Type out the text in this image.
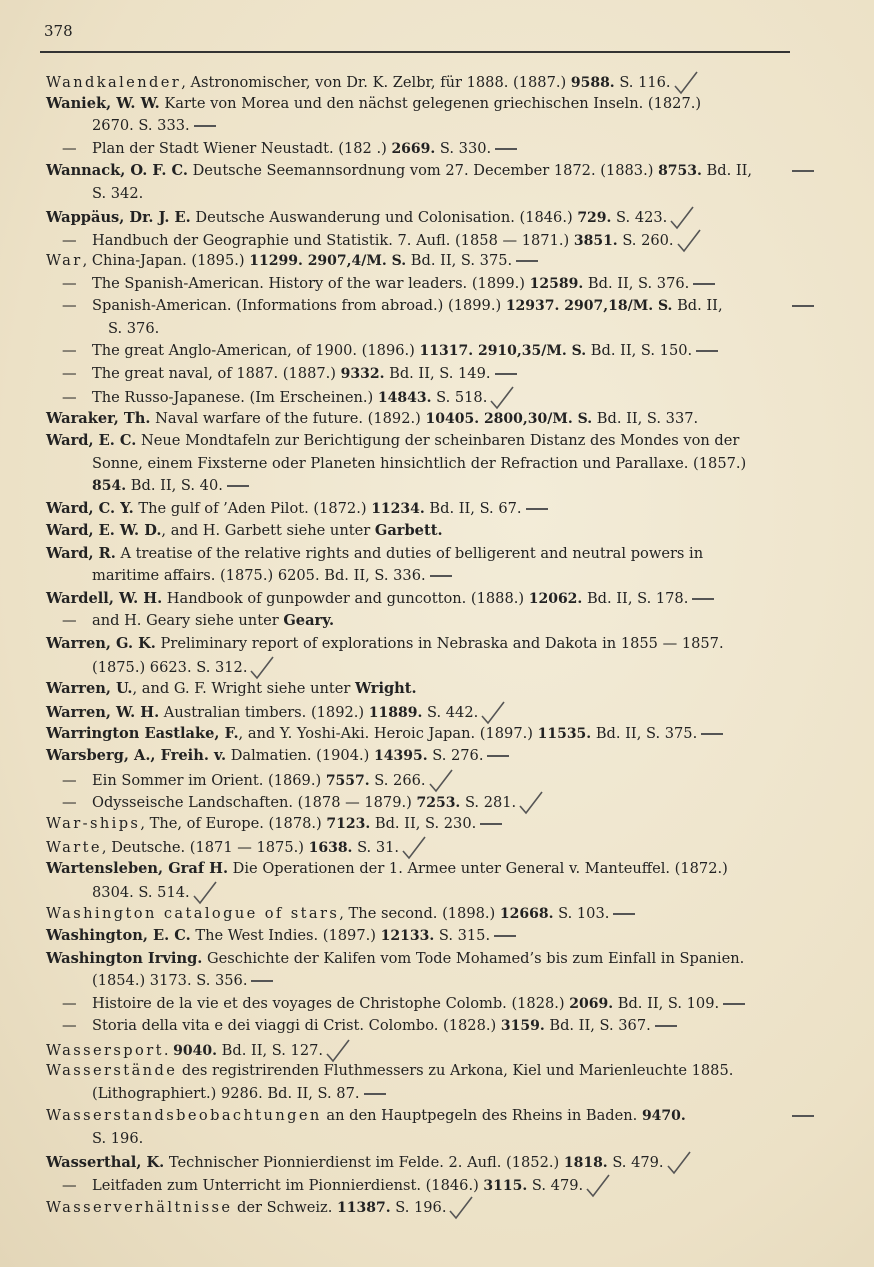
378
Wandkalender, Astronomischer, von Dr. K. Zelbr, für 1888. (1887.) 9588. S. 116.
Waniek, W. W. Karte von Morea und den nächst gelegenen griechischen Inseln. (1827.)
2670. S. 333.
— Plan der Stadt Wiener Neustadt. (182 .) 2669. S. 330.
Wannack, O. F. C. Deutsche Seemannsordnung vom 27. December 1872. (1883.) 8753. Bd. II,
S. 342.
Wappäus, Dr. J. E. Deutsche Auswanderung und Colonisation. (1846.) 729. S. 423.
— Handbuch der Geographie und Statistik. 7. Aufl. (1858 — 1871.) 3851. S. 260.
War, China-Japan. (1895.) 11299. 2907,4/M. S. Bd. II, S. 375.
— The Spanish-American. History of the war leaders. (1899.) 12589. Bd. II, S. 376.
— Spanish-American. (Informations from abroad.) (1899.) 12937. 2907,18/M. S. Bd. II,
S. 376.
— The great Anglo-American, of 1900. (1896.) 11317. 2910,35/M. S. Bd. II, S. 150.
— The great naval, of 1887. (1887.) 9332. Bd. II, S. 149.
— The Russo-Japanese. (Im Erscheinen.) 14843. S. 518.
Waraker, Th. Naval warfare of the future. (1892.) 10405. 2800,30/M. S. Bd. II, S. 337.
Ward, E. C. Neue Mondtafeln zur Berichtigung der scheinbaren Distanz des Mondes von der
Sonne, einem Fixsterne oder Planeten hinsichtlich der Refraction und Parallaxe. (1857.)
854. Bd. II, S. 40.
Ward, C. Y. The gulf of ’Aden Pilot. (1872.) 11234. Bd. II, S. 67.
Ward, E. W. D., and H. Garbett siehe unter Garbett.
Ward, R. A treatise of the relative rights and duties of belligerent and neutral powers in
maritime affairs. (1875.) 6205. Bd. II, S. 336.
Wardell, W. H. Handbook of gunpowder and guncotton. (1888.) 12062. Bd. II, S. 178.
— and H. Geary siehe unter Geary.
Warren, G. K. Preliminary report of explorations in Nebraska and Dakota in 1855 — 1857.
(1875.) 6623. S. 312.
Warren, U., and G. F. Wright siehe unter Wright.
Warren, W. H. Australian timbers. (1892.) 11889. S. 442.
Warrington Eastlake, F., and Y. Yoshi-Aki. Heroic Japan. (1897.) 11535. Bd. II, S. 375.
Warsberg, A., Freih. v. Dalmatien. (1904.) 14395. S. 276.
— Ein Sommer im Orient. (1869.) 7557. S. 266.
— Odysseische Landschaften. (1878 — 1879.) 7253. S. 281.
War-ships, The, of Europe. (1878.) 7123. Bd. II, S. 230.
Warte, Deutsche. (1871 — 1875.) 1638. S. 31.
Wartensleben, Graf H. Die Operationen der 1. Armee unter General v. Manteuffel. (1872.)
8304. S. 514.
Washington catalogue of stars, The second. (1898.) 12668. S. 103.
Washington, E. C. The West Indies. (1897.) 12133. S. 315.
Washington Irving. Geschichte der Kalifen vom Tode Mohamed’s bis zum Einfall in Spanien.
(1854.) 3173. S. 356.
— Histoire de la vie et des voyages de Christophe Colomb. (1828.) 2069. Bd. II, S. 109.
— Storia della vita e dei viaggi di Crist. Colombo. (1828.) 3159. Bd. II, S. 367.
Wassersport. 9040. Bd. II, S. 127.
Wasserstände des registrirenden Fluthmessers zu Arkona, Kiel und Marienleuchte 1885.
(Lithographiert.) 9286. Bd. II, S. 87.
Wasserstandsbeobachtungen an den Hauptpegeln des Rheins in Baden. 9470.
S. 196.
Wasserthal, K. Technischer Pionnierdienst im Felde. 2. Aufl. (1852.) 1818. S. 479.
— Leitfaden zum Unterricht im Pionnierdienst. (1846.) 3115. S. 479.
Wasserverhältnisse der Schweiz. 11387. S. 196.
